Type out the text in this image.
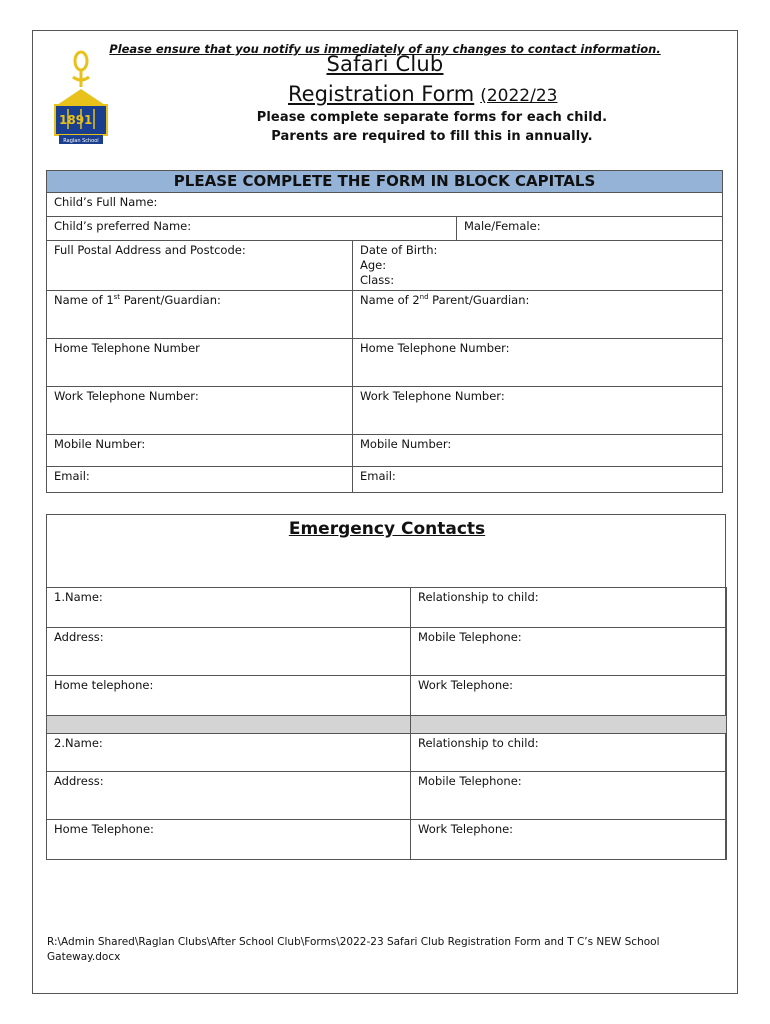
1891
Raglan School
Safari Club
Registration Form (2022/23
Please complete separate forms for each child.
Parents are required to fill this in annually.
PLEASE COMPLETE THE FORM IN BLOCK CAPITALS		
Child’s Full Name:		
Child’s preferred Name:		Male/Female:
Full Postal Address and Postcode:	Date of Birth:
Age:
Class:	

Name of 1st Parent/Guardian:	Name of 2nd Parent/Guardian:	
Home Telephone Number	Home Telephone Number:	
Work Telephone Number:	Work Telephone Number:	
Mobile Number:	Mobile Number:	
Email:	Email:	
Emergency Contacts
1.Name:	Relationship to child:
Address:	Mobile Telephone:
Home telephone:	Work Telephone:

2.Name:	Relationship to child:
Address:	Mobile Telephone:
Home Telephone:	Work Telephone:
Please ensure that you notify us immediately of any changes to contact information.
R:\Admin Shared\Raglan Clubs\After School Club\Forms\2022-23 Safari Club Registration Form and T C’s NEW School Gateway.docx
